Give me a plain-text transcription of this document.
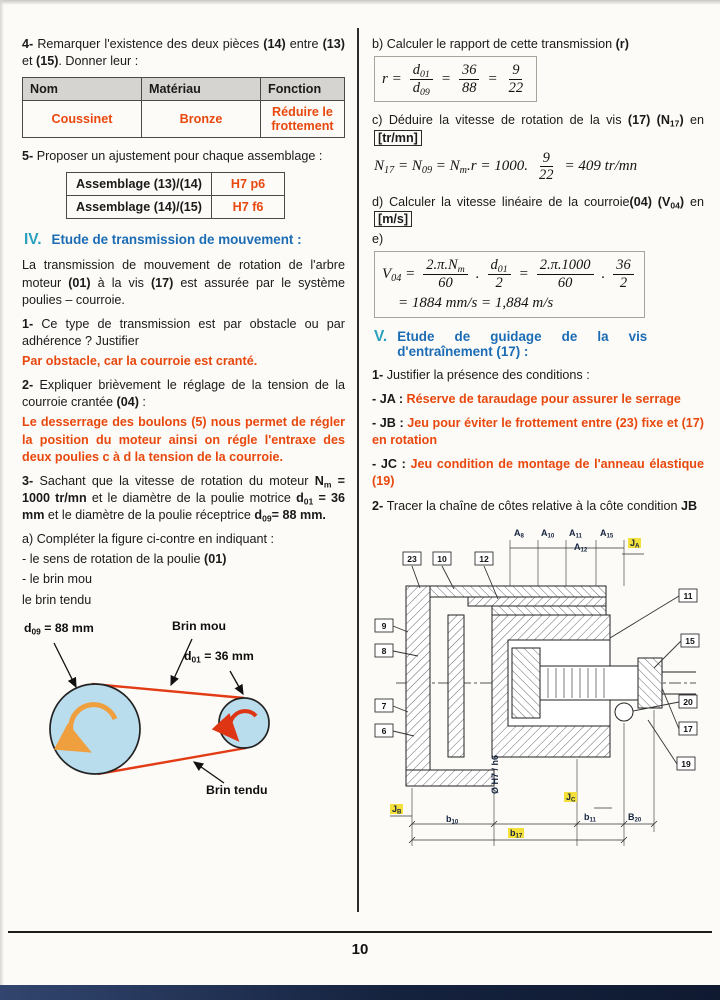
4- Remarquer l'existence des deux pièces (14) entre (13) et (15). Donner leur :

Nom	Matériau	Fonction
Coussinet	Bronze	Réduire le frottement

5- Proposer un ajustement pour chaque assemblage :

Assemblage (13)/(14)	H7 p6
Assemblage (14)/(15)	H7 f6
IV. Etude de transmission de mouvement :

La transmission de mouvement de rotation de l'arbre moteur (01) à la vis (17) est assurée par le système poulies – courroie.

1- Ce type de transmission est par obstacle ou par adhérence ? Justifier

Par obstacle, car la courroie est cranté.

2- Expliquer brièvement le réglage de la tension de la courroie crantée (04) :

Le desserrage des boulons (5) nous permet de régler la position du moteur ainsi on régle l'entraxe des deux poulies c à d la tension de la courroie.

3- Sachant que la vitesse de rotation du moteur $N_m = 1000$ tr/mn et le diamètre de la poulie motrice $d_{01} = 36$ mm et le diamètre de la poulie réceptrice $d_{09}= 88$ mm.

a) Compléter la figure ci-contre en indiquant :

- le sens de rotation de la poulie (01)

- le brin mou

le brin tendu

$d_{09} = 88$ mm	Brin mou
$d_{01} = 36$ mm
Brin tendu

b) Calculer le rapport de cette transmission (r)

$r = \frac{d_{01}}{d_{09}} = \frac{36}{88} = \frac{9}{22}$

c) Déduire la vitesse de rotation de la vis (17) $(N_{17})$ en [tr/mn]

$N_{17} = N_{09} = N_m.r = 1000$. $\frac{9}{22} = 409$ tr/mn

d) Calculer la vitesse linéaire de la courroie(04) $(V_{04})$ en [m/s]

e)

$V_{04} = \frac{2.\pi.N_m}{60}$ . $\frac{d_{01}}{2} = \frac{2.\pi.1000}{60}$ . $\frac{36}{2}$
= 1884 mm/s = 1,884 m/s
V. Etude de guidage de la vis d'entraînement (17) :

1- Justifier la présence des conditions :

- JA : Réserve de taraudage pour assurer le serrage

- JB : Jeu pour éviter le frottement entre (23) fixe et (17) en rotation

- JC : Jeu condition de montage de l'anneau élastique (19)

2- Tracer la chaîne de côtes relative à la côte condition JB

23 10	12
9
8
7
6
11
15
20
17
19
$A_8$ $A_{10}$ $A_{11}$ $A_{15}$
$A_{12}$
$J_A$
$J_B$
$J_C$
$b_{10}$
$b_{17}$
$b_{11}$	$B_{20}$
Ø H7 / h6
10
